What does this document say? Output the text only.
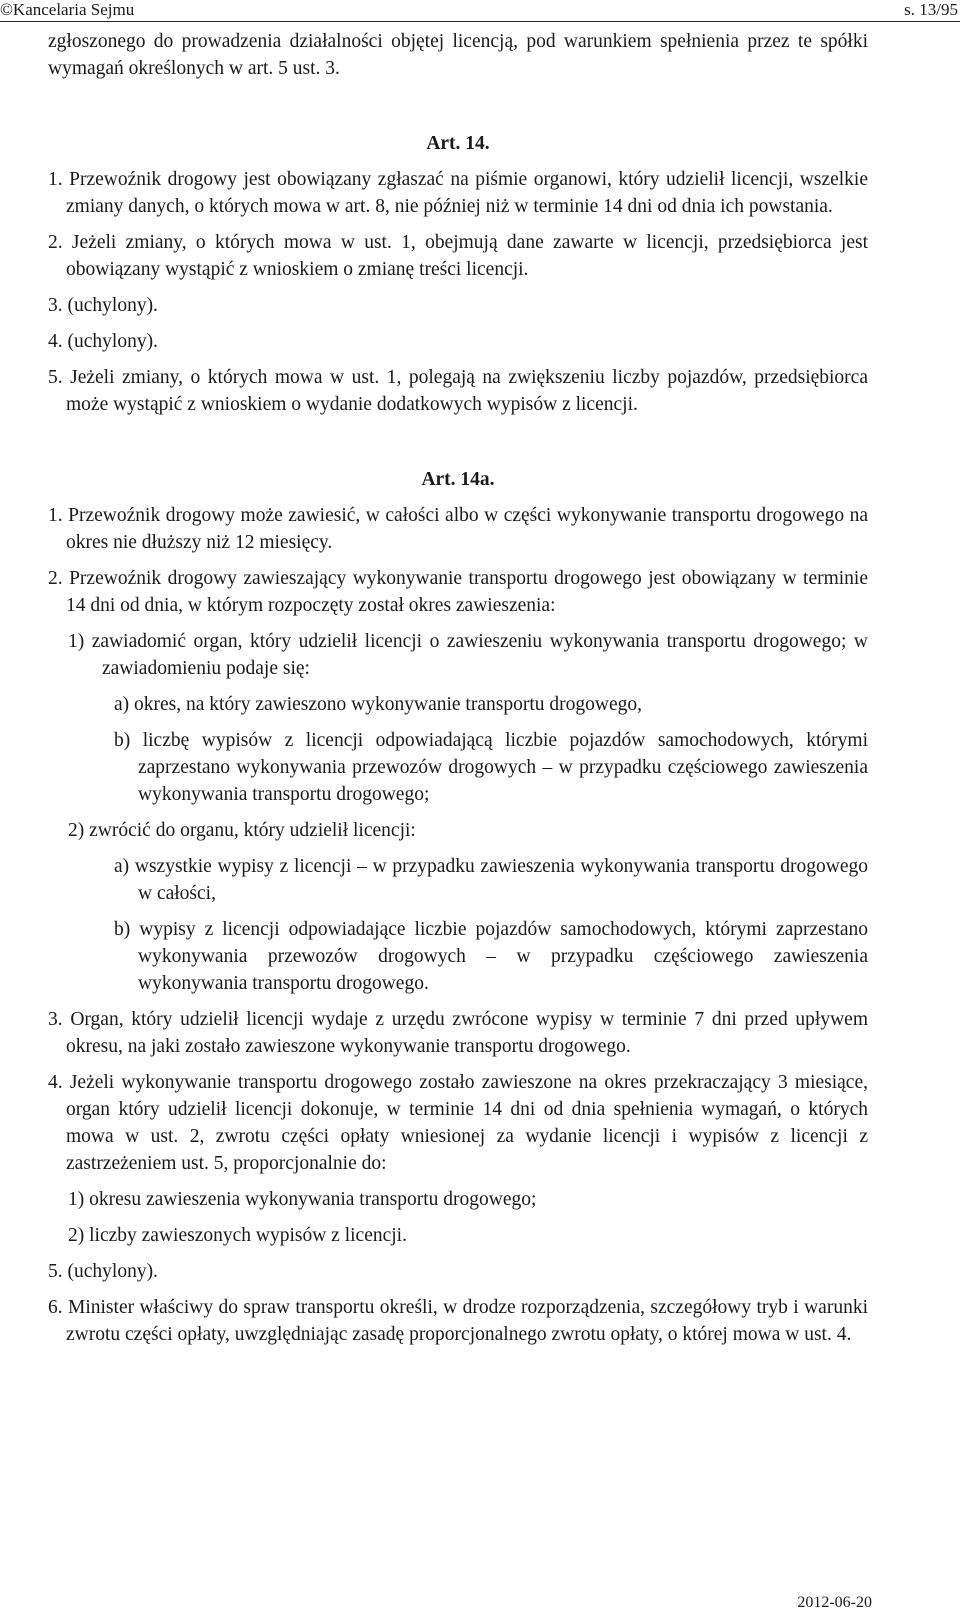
©Kancelaria Sejmu	s. 13/95

zgłoszonego do prowadzenia działalności objętej licencją, pod warunkiem spełnienia przez te spółki wymagań określonych w art. 5 ust. 3.

Art. 14.

1. Przewoźnik drogowy jest obowiązany zgłaszać na piśmie organowi, który udzielił licencji, wszelkie zmiany danych, o których mowa w art. 8, nie później niż w terminie 14 dni od dnia ich powstania.

2. Jeżeli zmiany, o których mowa w ust. 1, obejmują dane zawarte w licencji, przedsiębiorca jest obowiązany wystąpić z wnioskiem o zmianę treści licencji.

3. (uchylony).

4. (uchylony).

5. Jeżeli zmiany, o których mowa w ust. 1, polegają na zwiększeniu liczby pojazdów, przedsiębiorca może wystąpić z wnioskiem o wydanie dodatkowych wypisów z licencji.

Art. 14a.

1. Przewoźnik drogowy może zawiesić, w całości albo w części wykonywanie transportu drogowego na okres nie dłuższy niż 12 miesięcy.

2. Przewoźnik drogowy zawieszający wykonywanie transportu drogowego jest obowiązany w terminie 14 dni od dnia, w którym rozpoczęty został okres zawieszenia:

1) zawiadomić organ, który udzielił licencji o zawieszeniu wykonywania transportu drogowego; w zawiadomieniu podaje się:

a) okres, na który zawieszono wykonywanie transportu drogowego,

b) liczbę wypisów z licencji odpowiadającą liczbie pojazdów samochodowych, którymi zaprzestano wykonywania przewozów drogowych – w przypadku częściowego zawieszenia wykonywania transportu drogowego;

2) zwrócić do organu, który udzielił licencji:

a) wszystkie wypisy z licencji – w przypadku zawieszenia wykonywania transportu drogowego w całości,

b) wypisy z licencji odpowiadające liczbie pojazdów samochodowych, którymi zaprzestano wykonywania przewozów drogowych – w przypadku częściowego zawieszenia wykonywania transportu drogowego.

3. Organ, który udzielił licencji wydaje z urzędu zwrócone wypisy w terminie 7 dni przed upływem okresu, na jaki zostało zawieszone wykonywanie transportu drogowego.

4. Jeżeli wykonywanie transportu drogowego zostało zawieszone na okres przekraczający 3 miesiące, organ który udzielił licencji dokonuje, w terminie 14 dni od dnia spełnienia wymagań, o których mowa w ust. 2, zwrotu części opłaty wniesionej za wydanie licencji i wypisów z licencji z zastrzeżeniem ust. 5, proporcjonalnie do:

1) okresu zawieszenia wykonywania transportu drogowego;

2) liczby zawieszonych wypisów z licencji.

5. (uchylony).

6. Minister właściwy do spraw transportu określi, w drodze rozporządzenia, szczegółowy tryb i warunki zwrotu części opłaty, uwzględniając zasadę proporcjonalnego zwrotu opłaty, o której mowa w ust. 4.

2012-06-20
